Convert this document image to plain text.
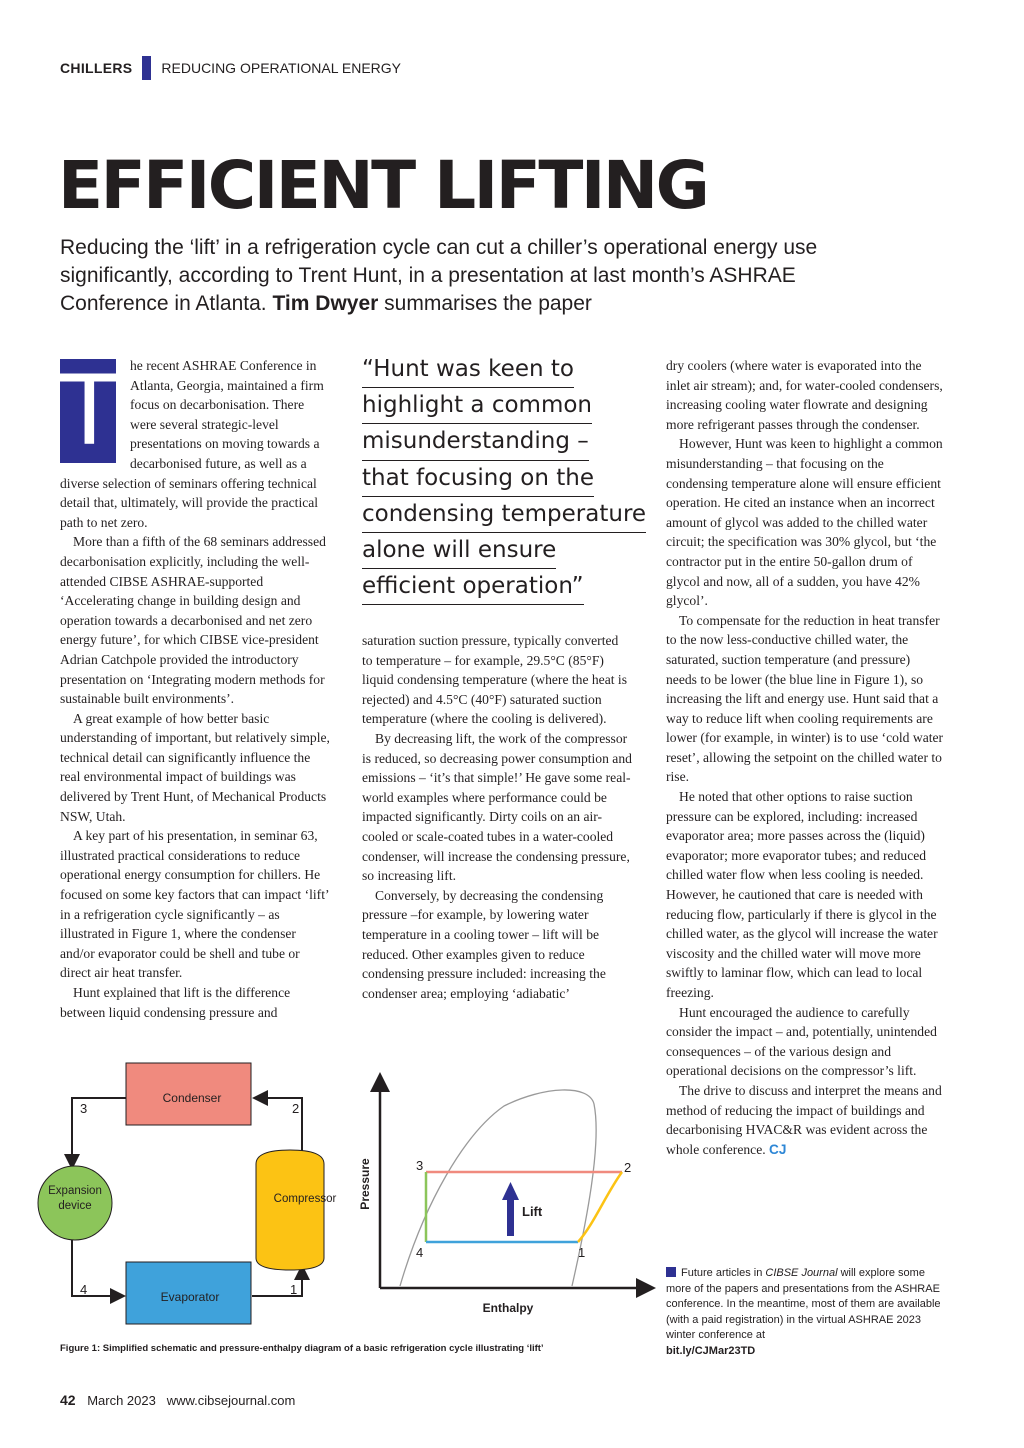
CHILLERS REDUCING OPERATIONAL ENERGY
EFFICIENT LIFTING
Reducing the ‘lift’ in a refrigeration cycle can cut a chiller’s operational energy use significantly, according to Trent Hunt, in a presentation at last month’s ASHRAE Conference in Atlanta. Tim Dwyer summarises the paper
T he recent ASHRAE Conference in Atlanta, Georgia, maintained a firm focus on decarbonisation. There were several strategic-level presentations on moving towards a decarbonised future, as well as a diverse selection of seminars offering technical detail that, ultimately, will provide the practical path to net zero.

More than a fifth of the 68 seminars addressed decarbonisation explicitly, including the well-attended CIBSE ASHRAE-supported ‘Accelerating change in building design and operation towards a decarbonised and net zero energy future’, for which CIBSE vice-president Adrian Catchpole provided the introductory presentation on ‘Integrating modern methods for sustainable built environments’.

A great example of how better basic understanding of important, but relatively simple, technical detail can significantly influence the real environmental impact of buildings was delivered by Trent Hunt, of Mechanical Products NSW, Utah.

A key part of his presentation, in seminar 63, illustrated practical considerations to reduce operational energy consumption for chillers. He focused on some key factors that can impact ‘lift’ in a refrigeration cycle significantly – as illustrated in Figure 1, where the condenser and/or evaporator could be shell and tube or direct air heat transfer.

Hunt explained that lift is the difference between liquid condensing pressure and

“Hunt was keen to
highlight a common
misunderstanding –
that focusing on the
condensing temperature
alone will ensure
efficient operation”

saturation suction pressure, typically converted to temperature – for example, 29.5°C (85°F) liquid condensing temperature (where the heat is rejected) and 4.5°C (40°F) saturated suction temperature (where the cooling is delivered).

By decreasing lift, the work of the compressor is reduced, so decreasing power consumption and emissions – ‘it’s that simple!’ He gave some real-world examples where performance could be impacted significantly. Dirty coils on an air-cooled or scale-coated tubes in a water-cooled condenser, will increase the condensing pressure, so increasing lift.

Conversely, by decreasing the condensing pressure –for example, by lowering water temperature in a cooling tower – lift will be reduced. Other examples given to reduce condensing pressure included: increasing the condenser area; employing ‘adiabatic’

dry coolers (where water is evaporated into the inlet air stream); and, for water-cooled condensers, increasing cooling water flowrate and designing more refrigerant passes through the condenser.

However, Hunt was keen to highlight a common misunderstanding – that focusing on the condensing temperature alone will ensure efficient operation. He cited an instance when an incorrect amount of glycol was added to the chilled water circuit; the specification was 30% glycol, but ‘the contractor put in the entire 50-gallon drum of glycol and now, all of a sudden, you have 42% glycol’.

To compensate for the reduction in heat transfer to the now less-conductive chilled water, the saturated, suction temperature (and pressure) needs to be lower (the blue line in Figure 1), so increasing the lift and energy use. Hunt said that a way to reduce lift when cooling requirements are lower (for example, in winter) is to use ‘cold water reset’, allowing the setpoint on the chilled water to rise.

He noted that other options to raise suction pressure can be explored, including: increased evaporator area; more passes across the (liquid) evaporator; more evaporator tubes; and reduced chilled water flow when less cooling is needed. However, he cautioned that care is needed with reducing flow, particularly if there is glycol in the chilled water, as the glycol will increase the water viscosity and the chilled water will move more swiftly to laminar flow, which can lead to local freezing.

Hunt encouraged the audience to carefully consider the impact – and, potentially, unintended consequences – of the various design and operational decisions on the compressor’s lift.

The drive to discuss and interpret the means and method of reducing the impact of buildings and decarbonising HVAC&R was evident across the whole conference. CJ

Future articles in CIBSE Journal will explore some more of the papers and presentations from the ASHRAE conference. In the meantime, most of them are available (with a paid registration) in the virtual ASHRAE 2023 winter conference at
bit.ly/CJMar23TD
Condenser
Evaporator
Compressor
Expansion
device
3	2
4	1
Pressure
Enthalpy
Lift
3	2
4	1
Figure 1: Simplified schematic and pressure-enthalpy diagram of a basic refrigeration cycle illustrating ‘lift’
42 March 2023 www.cibsejournal.com
